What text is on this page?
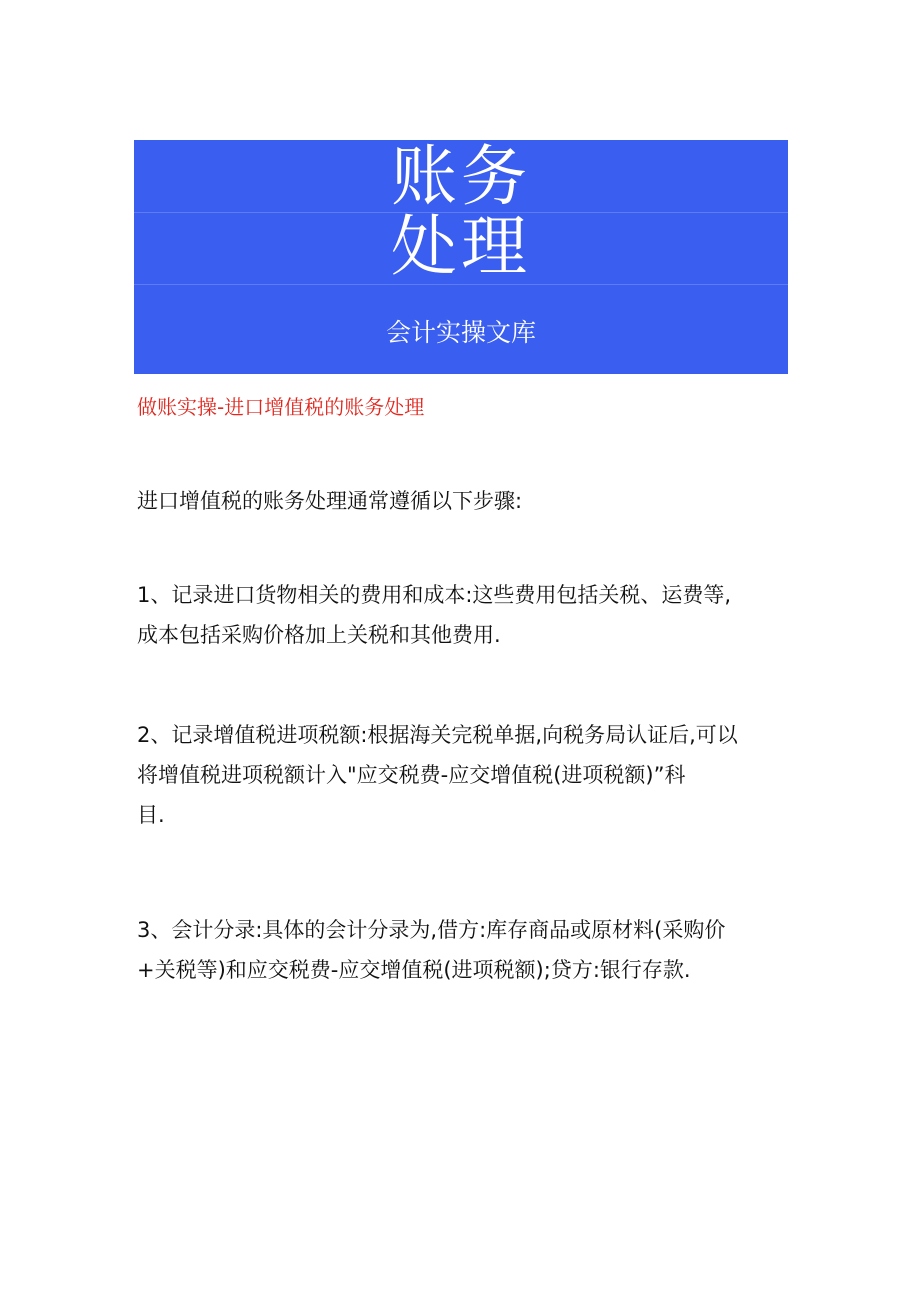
账务
处理
会计实操文库
做账实操-进口增值税的账务处理
进口增值税的账务处理通常遵循以下步骤:
1、记录进口货物相关的费用和成本:这些费用包括关税、运费等,
成本包括采购价格加上关税和其他费用.
2、记录增值税进项税额:根据海关完税单据,向税务局认证后,可以
将增值税进项税额计入"应交税费-应交增值税(进项税额)”科
目.
3、会计分录:具体的会计分录为,借方:库存商品或原材料(采购价
+关税等)和应交税费-应交增值税(进项税额);贷方:银行存款.
